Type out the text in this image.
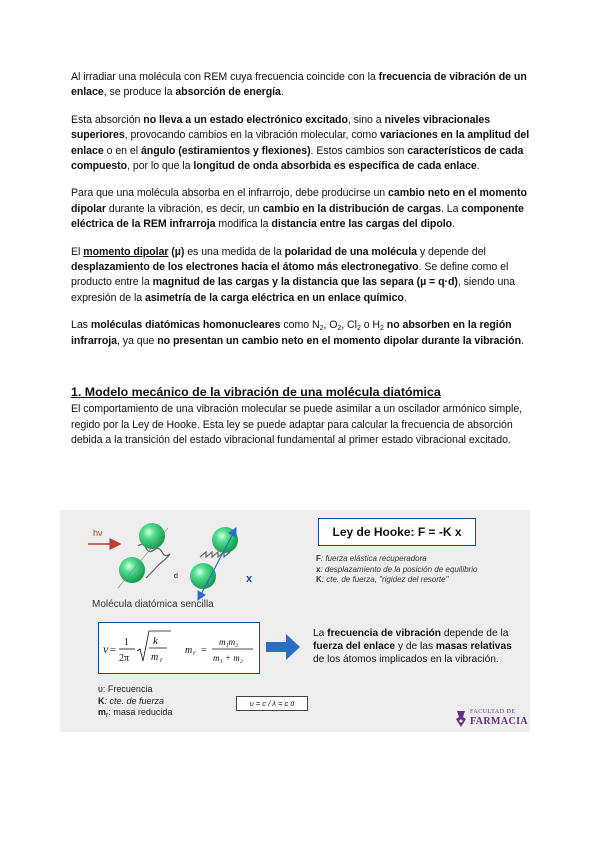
Al irradiar una molécula con REM cuya frecuencia coincide con la frecuencia de vibración de un enlace, se produce la absorción de energía.

Esta absorción no lleva a un estado electrónico excitado, sino a niveles vibracionales superiores, provocando cambios en la vibración molecular, como variaciones en la amplitud del enlace o en el ángulo (estiramientos y flexiones). Estos cambios son característicos de cada compuesto, por lo que la longitud de onda absorbida es específica de cada enlace.

Para que una molécula absorba en el infrarrojo, debe producirse un cambio neto en el momento dipolar durante la vibración, es decir, un cambio en la distribución de cargas. La componente eléctrica de la REM infrarroja modifica la distancia entre las cargas del dipolo.

El momento dipolar (µ) es una medida de la polaridad de una molécula y depende del desplazamiento de los electrones hacia el átomo más electronegativo. Se define como el producto entre la magnitud de las cargas y la distancia que las separa (µ = q·d), siendo una expresión de la asimetría de la carga eléctrica en un enlace químico.

Las moléculas diatómicas homonucleares como $N_2$, $O_2$, $Cl_2$ o $H_2$ no absorben en la región infrarroja, ya que no presentan un cambio neto en el momento dipolar durante la vibración.

1. Modelo mecánico de la vibración de una molécula diatómica

El comportamiento de una vibración molecular se puede asimilar a un oscilador armónico simple, regido por la Ley de Hooke. Esta ley se puede adaptar para calcular la frecuencia de absorción debida a la transición del estado vibracional fundamental al primer estado vibracional excitado.

hν
d	x
Molécula diatómica sencilla
Ley de Hooke: F = -K x
F: fuerza elástica recuperadora
x: desplazamiento de la posición de equilibrio
K: cte. de fuerza, "rigidez del resorte"
ν =
1
2π
k
m r
m r =
m₁m₂
m₁ + m₂
La frecuencia de vibración depende de la fuerza del enlace y de las masas relativas de los átomos implicados en la vibración.
υ: Frecuencia
K: cte. de fuerza
$m_r$: masa reducida
υ = c / λ = c ῡ
FACULTAD DE
FARMACIA
